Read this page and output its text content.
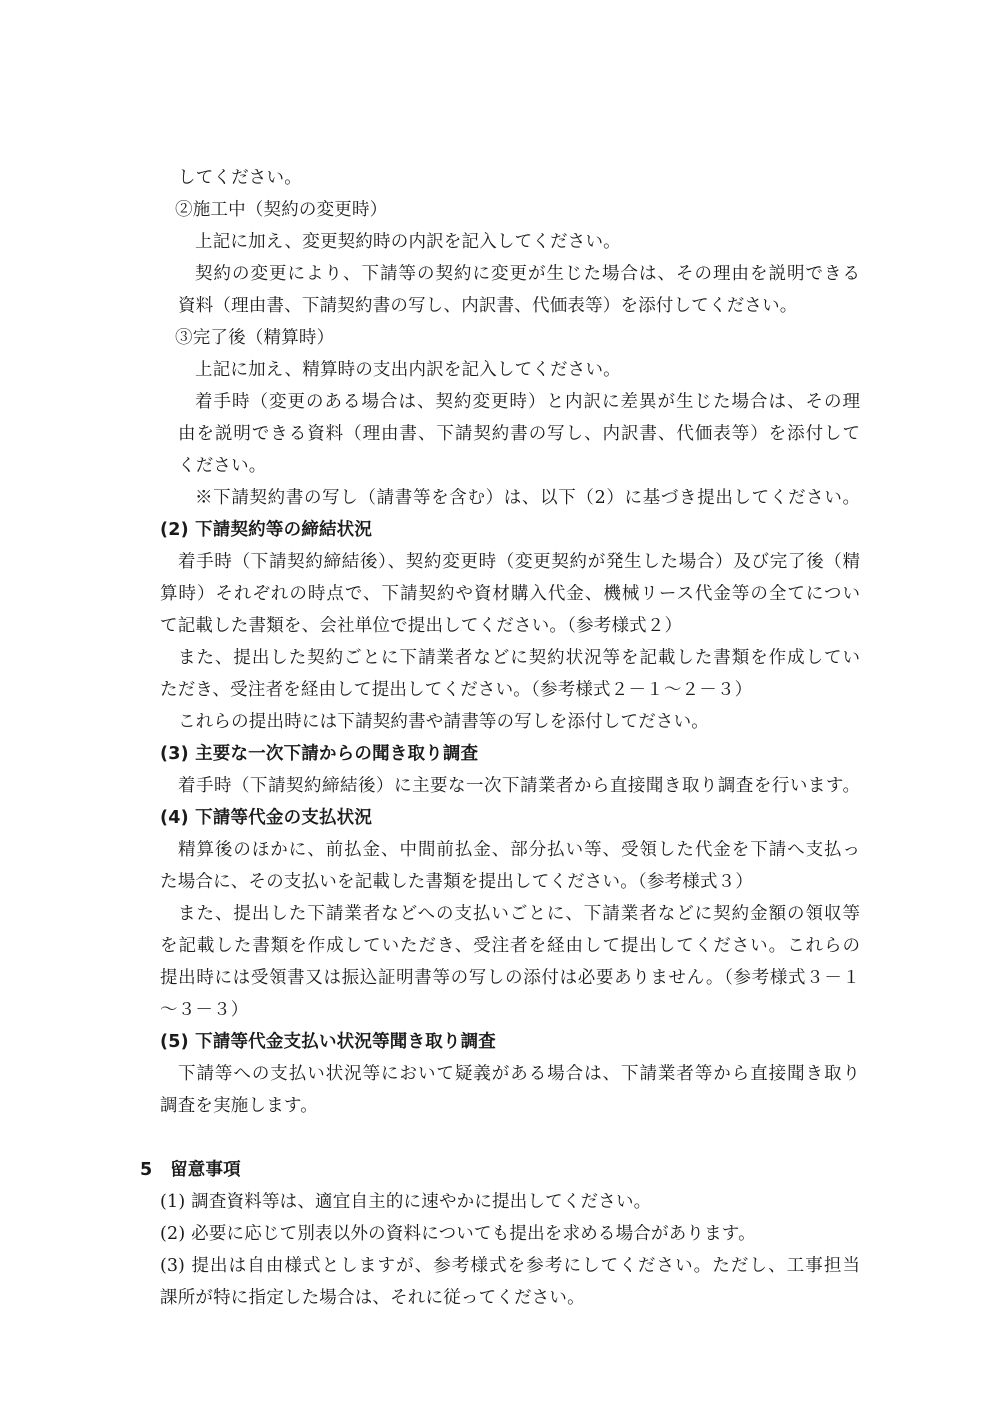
してください。
②施工中（契約の変更時）
上記に加え、変更契約時の内訳を記入してください。
契約の変更により、下請等の契約に変更が生じた場合は、その理由を説明できる
資料（理由書、下請契約書の写し、内訳書、代価表等）を添付してください。
③完了後（精算時）
上記に加え、精算時の支出内訳を記入してください。
着手時（変更のある場合は、契約変更時）と内訳に差異が生じた場合は、その理
由を説明できる資料（理由書、下請契約書の写し、内訳書、代価表等）を添付して
ください。
※下請契約書の写し（請書等を含む）は、以下（2）に基づき提出してください。
(2) 下請契約等の締結状況
着手時（下請契約締結後）、契約変更時（変更契約が発生した場合）及び完了後（精
算時）それぞれの時点で、下請契約や資材購入代金、機械リース代金等の全てについ
て記載した書類を、会社単位で提出してください。（参考様式２）
また、提出した契約ごとに下請業者などに契約状況等を記載した書類を作成してい
ただき、受注者を経由して提出してください。（参考様式２－１～２－３）
これらの提出時には下請契約書や請書等の写しを添付してださい。
(3) 主要な一次下請からの聞き取り調査
着手時（下請契約締結後）に主要な一次下請業者から直接聞き取り調査を行います。
(4) 下請等代金の支払状況
精算後のほかに、前払金、中間前払金、部分払い等、受領した代金を下請へ支払っ
た場合に、その支払いを記載した書類を提出してください。（参考様式３）
また、提出した下請業者などへの支払いごとに、下請業者などに契約金額の領収等
を記載した書類を作成していただき、受注者を経由して提出してください。これらの
提出時には受領書又は振込証明書等の写しの添付は必要ありません。（参考様式３－１
～３－３）
(5) 下請等代金支払い状況等聞き取り調査
下請等への支払い状況等において疑義がある場合は、下請業者等から直接聞き取り
調査を実施します。
5　留意事項
(1) 調査資料等は、適宜自主的に速やかに提出してください。
(2) 必要に応じて別表以外の資料についても提出を求める場合があります。
(3) 提出は自由様式としますが、参考様式を参考にしてください。ただし、工事担当
課所が特に指定した場合は、それに従ってください。
